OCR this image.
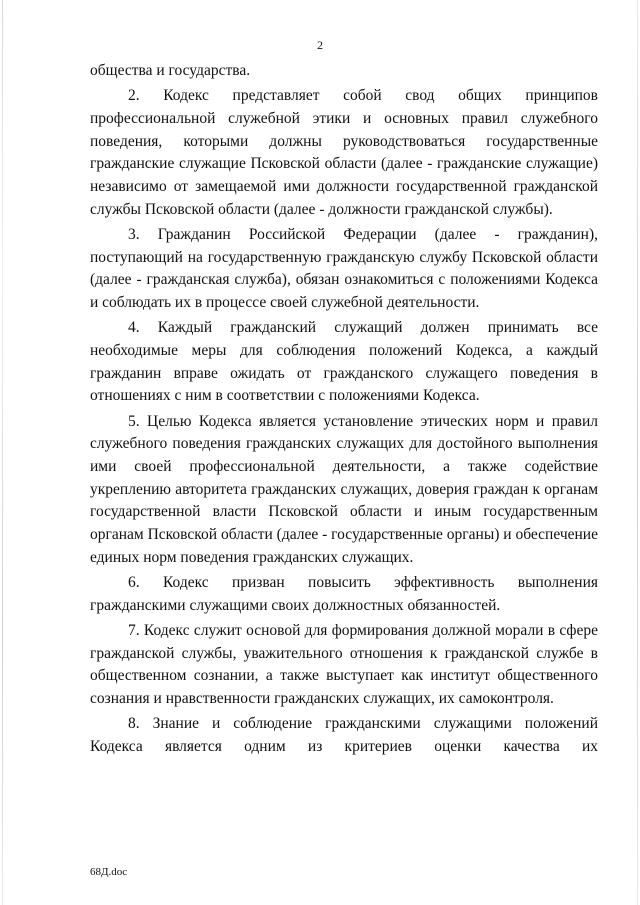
2

общества и государства.

2. Кодекс представляет собой свод общих принципов профессиональной служебной этики и основных правил служебного поведения, которыми должны руководствоваться государственные гражданские служащие Псковской области (далее - гражданские служащие) независимо от замещаемой ими должности государственной гражданской службы Псковской области (далее - должности гражданской службы).

3. Гражданин Российской Федерации (далее - гражданин), поступающий на государственную гражданскую службу Псковской области (далее - гражданская служба), обязан ознакомиться с положениями Кодекса и соблюдать их в процессе своей служебной деятельности.

4. Каждый гражданский служащий должен принимать все необходимые меры для соблюдения положений Кодекса, а каждый гражданин вправе ожидать от гражданского служащего поведения в отношениях с ним в соответствии с положениями Кодекса.

5. Целью Кодекса является установление этических норм и правил служебного поведения гражданских служащих для достойного выполнения ими своей профессиональной деятельности, а также содействие укреплению авторитета гражданских служащих, доверия граждан к органам государственной власти Псковской области и иным государственным органам Псковской области (далее - государственные органы) и обеспечение единых норм поведения гражданских служащих.

6. Кодекс призван повысить эффективность выполнения гражданскими служащими своих должностных обязанностей.

7. Кодекс служит основой для формирования должной морали в сфере гражданской службы, уважительного отношения к гражданской службе в общественном сознании, а также выступает как институт общественного сознания и нравственности гражданских служащих, их самоконтроля.

8. Знание и соблюдение гражданскими служащими положений Кодекса является одним из критериев оценки качества их

68Д.doc
